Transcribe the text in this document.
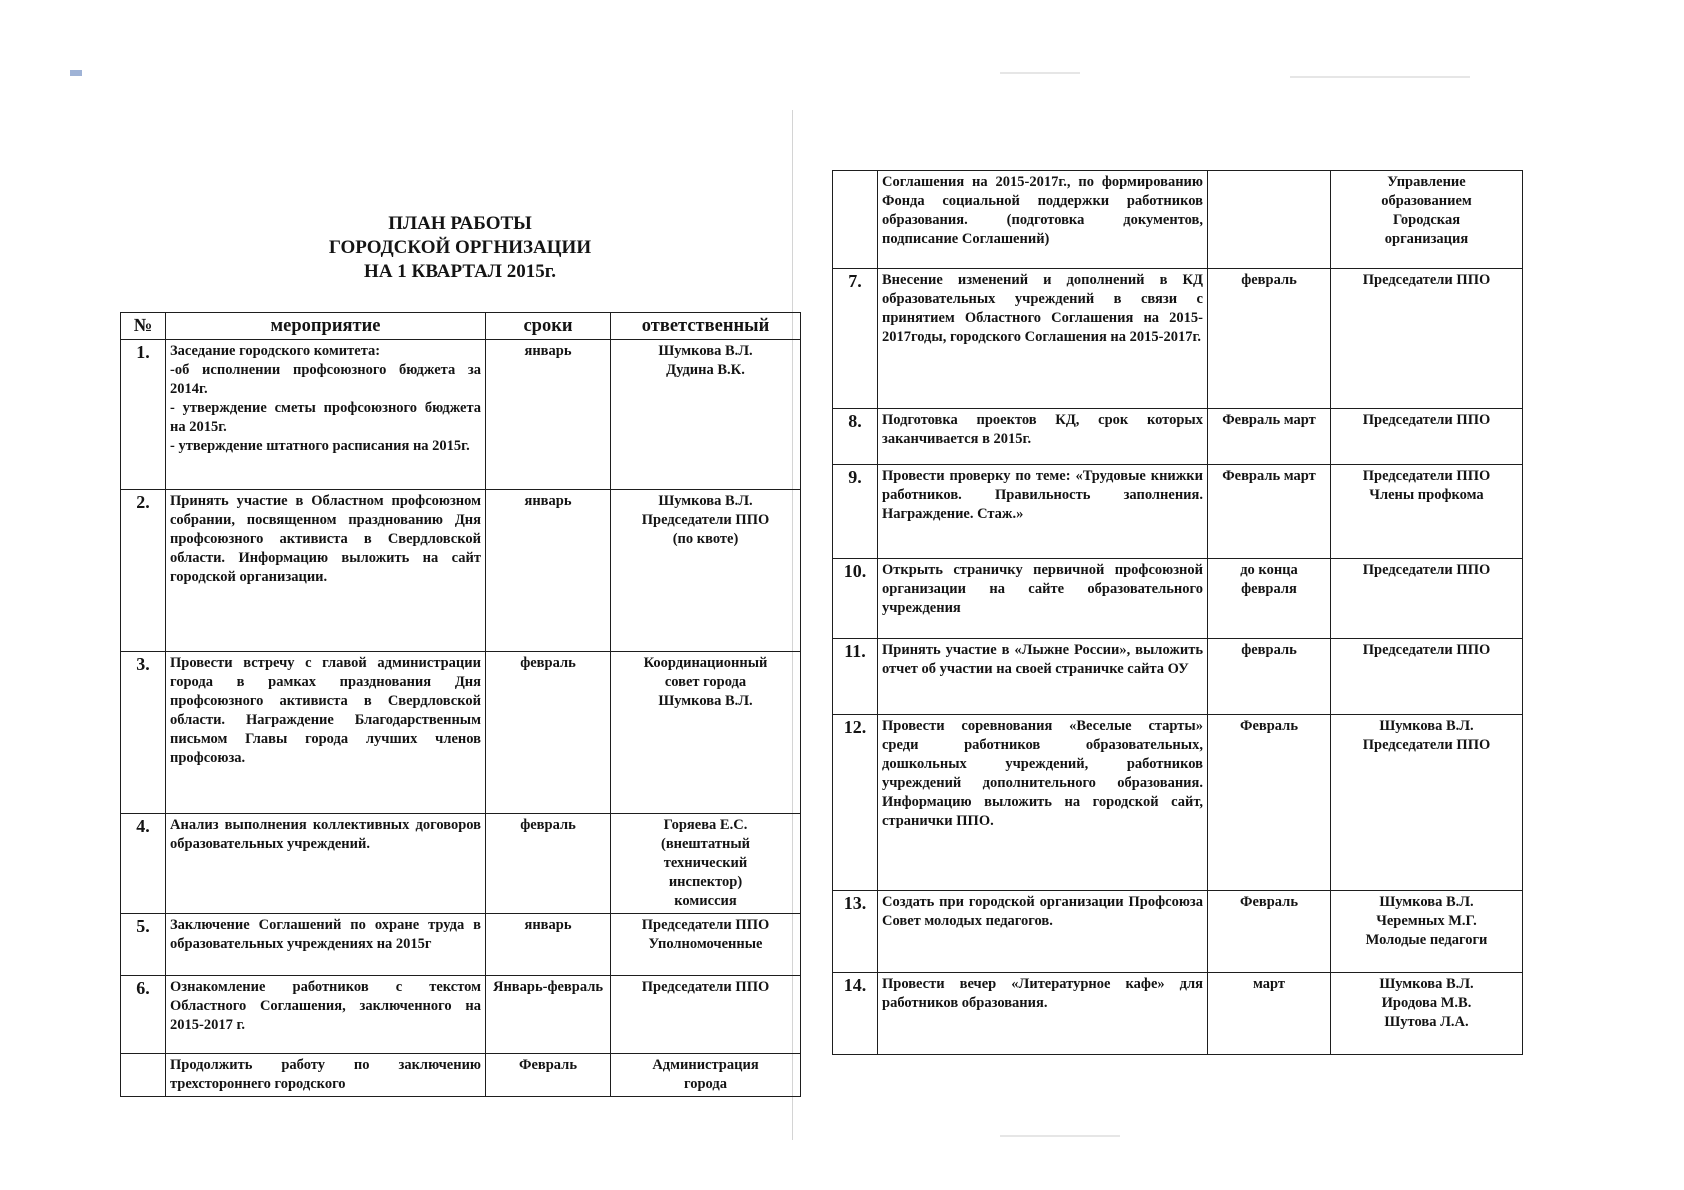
ПЛАН РАБОТЫ
ГОРОДСКОЙ ОРГНИЗАЦИИ
НА 1 КВАРТАЛ 2015г.
№	мероприятие	сроки	ответственный
1.	Заседание городского комитета:
-об исполнении профсоюзного бюджета за 2014г.
- утверждение сметы профсоюзного бюджета на 2015г.
- утверждение штатного расписания на 2015г.	январь	Шумкова В.Л.
Дудина В.К.

2.	Принять участие в Областном профсоюзном собрании, посвященном празднованию Дня профсоюзного активиста в Свердловской области. Информацию выложить на сайт городской организации.	январь	Шумкова В.Л.
Председатели ППО
(по квоте)

3.	Провести встречу с главой администрации города в рамках празднования Дня профсоюзного активиста в Свердловской области. Награждение Благодарственным письмом Главы города лучших членов профсоюза.	февраль	Координационный
совет города
Шумкова В.Л.

4.	Анализ выполнения коллективных договоров образовательных учреждений.	февраль	Горяева Е.С.
(внештатный
технический
инспектор)
комиссия

5.	Заключение Соглашений по охране труда в образовательных учреждениях на 2015г	январь	Председатели ППО
Уполномоченные

6.	Ознакомление работников с текстом Областного Соглашения, заключенного на 2015-2017 г.	Январь-февраль	Председатели ППО

	Продолжить работу по заключению трехстороннего городского	Февраль	Администрация
города

	Соглашения на 2015-2017г., по формированию Фонда социальной поддержки работников образования. (подготовка документов, подписание Соглашений)		Управление
образованием
Городская
организация

7.	Внесение изменений и дополнений в КД образовательных учреждений в связи с принятием Областного Соглашения на 2015-2017годы, городского Соглашения на 2015-2017г.	февраль	Председатели ППО

8.	Подготовка проектов КД, срок которых заканчивается в 2015г.	Февраль март	Председатели ППО

9.	Провести проверку по теме: «Трудовые книжки работников. Правильность заполнения. Награждение. Стаж.»	Февраль март	Председатели ППО
Члены профкома

10.	Открыть страничку первичной профсоюзной организации на сайте образовательного учреждения	до конца февраля	Председатели ППО

11.	Принять участие в «Лыжне России», выложить отчет об участии на своей страничке сайта ОУ	февраль	Председатели ППО

12.	Провести соревнования «Веселые старты» среди работников образовательных, дошкольных учреждений, работников учреждений дополнительного образования. Информацию выложить на городской сайт, странички ППО.	Февраль	Шумкова В.Л.
Председатели ППО

13.	Создать при городской организации Профсоюза Совет молодых педагогов.	Февраль	Шумкова В.Л.
Черемных М.Г.
Молодые педагоги

14.	Провести вечер «Литературное кафе» для работников образования.	март	Шумкова В.Л.
Иродова М.В.
Шутова Л.А.
